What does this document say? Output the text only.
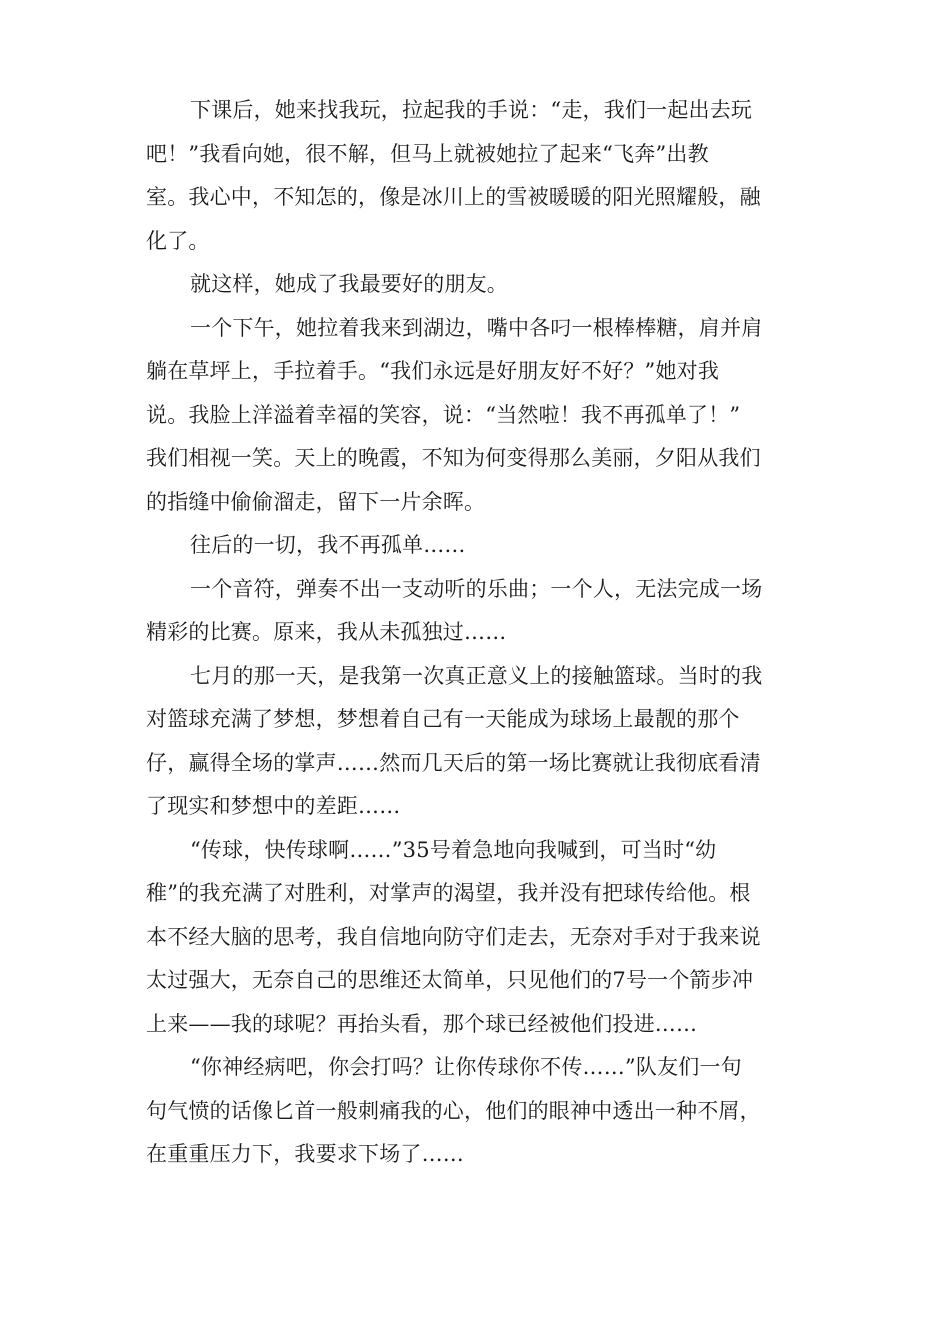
下课后，她来找我玩，拉起我的手说：“走，我们一起出去玩
吧！”我看向她，很不解，但马上就被她拉了起来“飞奔”出教
室。我心中，不知怎的，像是冰川上的雪被暖暖的阳光照耀般，融
化了。
就这样，她成了我最要好的朋友。
一个下午，她拉着我来到湖边，嘴中各叼一根棒棒糖，肩并肩
躺在草坪上，手拉着手。“我们永远是好朋友好不好？”她对我
说。我脸上洋溢着幸福的笑容，说：“当然啦！我不再孤单了！”
我们相视一笑。天上的晚霞，不知为何变得那么美丽，夕阳从我们
的指缝中偷偷溜走，留下一片余晖。
往后的一切，我不再孤单……
一个音符，弹奏不出一支动听的乐曲；一个人，无法完成一场
精彩的比赛。原来，我从未孤独过……
七月的那一天，是我第一次真正意义上的接触篮球。当时的我
对篮球充满了梦想，梦想着自己有一天能成为球场上最靓的那个
仔，赢得全场的掌声……然而几天后的第一场比赛就让我彻底看清
了现实和梦想中的差距……
“传球，快传球啊……”35号着急地向我喊到，可当时“幼
稚”的我充满了对胜利，对掌声的渴望，我并没有把球传给他。根
本不经大脑的思考，我自信地向防守们走去，无奈对手对于我来说
太过强大，无奈自己的思维还太简单，只见他们的7号一个箭步冲
上来——我的球呢？再抬头看，那个球已经被他们投进……
“你神经病吧，你会打吗？让你传球你不传……”队友们一句
句气愤的话像匕首一般刺痛我的心，他们的眼神中透出一种不屑，
在重重压力下，我要求下场了……
